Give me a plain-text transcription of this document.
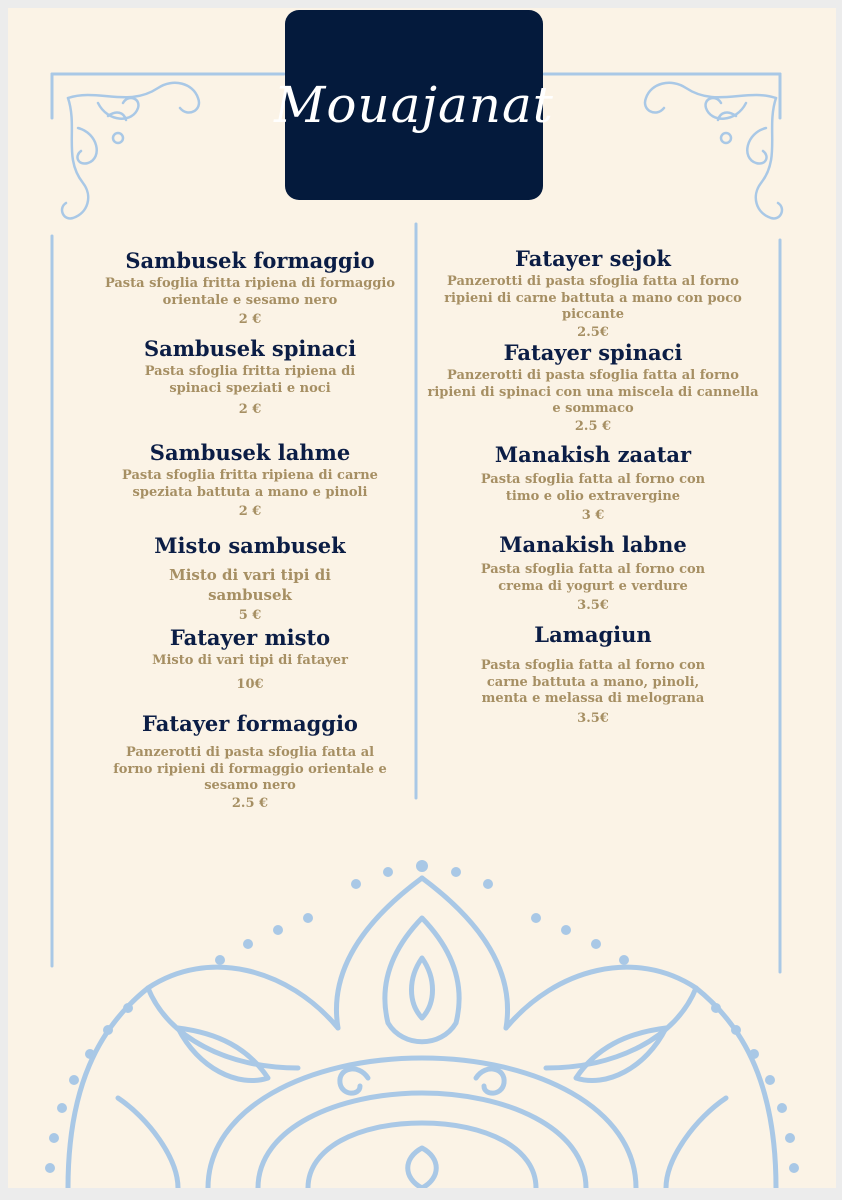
Mouajanat

Sambusek formaggio

Pasta sfoglia fritta ripiena di formaggio orientale e sesamo nero

2 €

Sambusek spinaci

Pasta sfoglia fritta ripiena di spinaci speziati e noci

2 €

Sambusek lahme

Pasta sfoglia fritta ripiena di carne speziata battuta a mano e pinoli

2 €

Misto sambusek

Misto di vari tipi di sambusek

5 €

Fatayer misto

Misto di vari tipi di fatayer

10€

Fatayer formaggio

Panzerotti di pasta sfoglia fatta al forno ripieni di formaggio orientale e sesamo nero

2.5 €

Fatayer sejok

Panzerotti di pasta sfoglia fatta al forno ripieni di carne battuta a mano con poco piccante

2.5€

Fatayer spinaci

Panzerotti di pasta sfoglia fatta al forno ripieni di spinaci con una miscela di cannella e sommaco

2.5 €

Manakish zaatar

Pasta sfoglia fatta al forno con timo e olio extravergine

3 €

Manakish labne

Pasta sfoglia fatta al forno con crema di yogurt e verdure

3.5€

Lamagiun

Pasta sfoglia fatta al forno con carne battuta a mano, pinoli, menta e melassa di melograna

3.5€
